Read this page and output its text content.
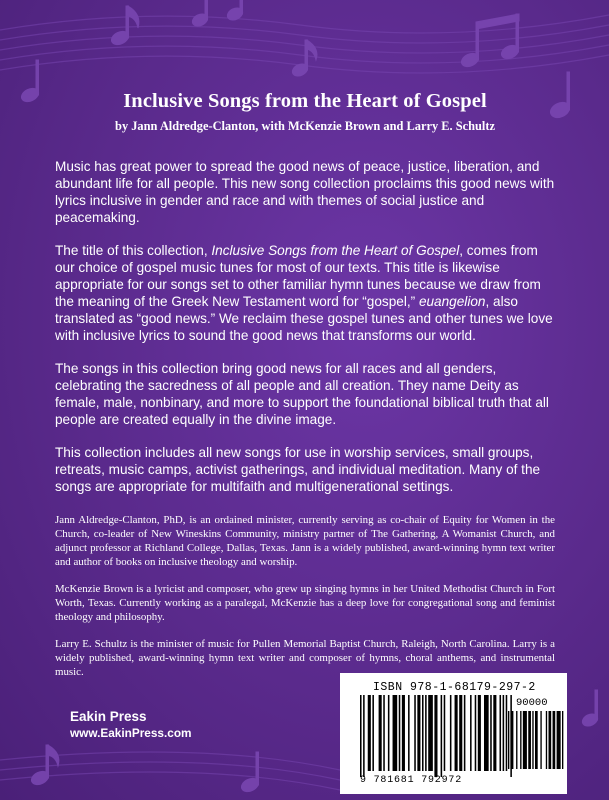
Inclusive Songs from the Heart of Gospel
by Jann Aldredge-Clanton, with McKenzie Brown and Larry E. Schultz

Music has great power to spread the good news of peace, justice, liberation, and abundant life for all people. This new song collection proclaims this good news with lyrics inclusive in gender and race and with themes of social justice and peacemaking.

The title of this collection, Inclusive Songs from the Heart of Gospel, comes from our choice of gospel music tunes for most of our texts. This title is likewise appropriate for our songs set to other familiar hymn tunes because we draw from the meaning of the Greek New Testament word for “gospel,” euangelion, also translated as “good news.” We reclaim these gospel tunes and other tunes we love with inclusive lyrics to sound the good news that transforms our world.

The songs in this collection bring good news for all races and all genders, celebrating the sacredness of all people and all creation. They name Deity as female, male, nonbinary, and more to support the foundational biblical truth that all people are created equally in the divine image.

This collection includes all new songs for use in worship services, small groups, retreats, music camps, activist gatherings, and individual meditation. Many of the songs are appropriate for multifaith and multigenerational settings.

Jann Aldredge-Clanton, PhD, is an ordained minister, currently serving as co-chair of Equity for Women in the Church, co-leader of New Wineskins Community, ministry partner of The Gathering, A Womanist Church, and adjunct professor at Richland College, Dallas, Texas. Jann is a widely published, award-winning hymn text writer and author of books on inclusive theology and worship.

McKenzie Brown is a lyricist and composer, who grew up singing hymns in her United Methodist Church in Fort Worth, Texas. Currently working as a paralegal, McKenzie has a deep love for congregational song and feminist theology and philosophy.

Larry E. Schultz is the minister of music for Pullen Memorial Baptist Church, Raleigh, North Carolina. Larry is a widely published, award-winning hymn text writer and composer of hymns, choral anthems, and instrumental music.

Eakin Press
www.EakinPress.com
ISBN 978-1-68179-297-2
90000
9 781681 792972
